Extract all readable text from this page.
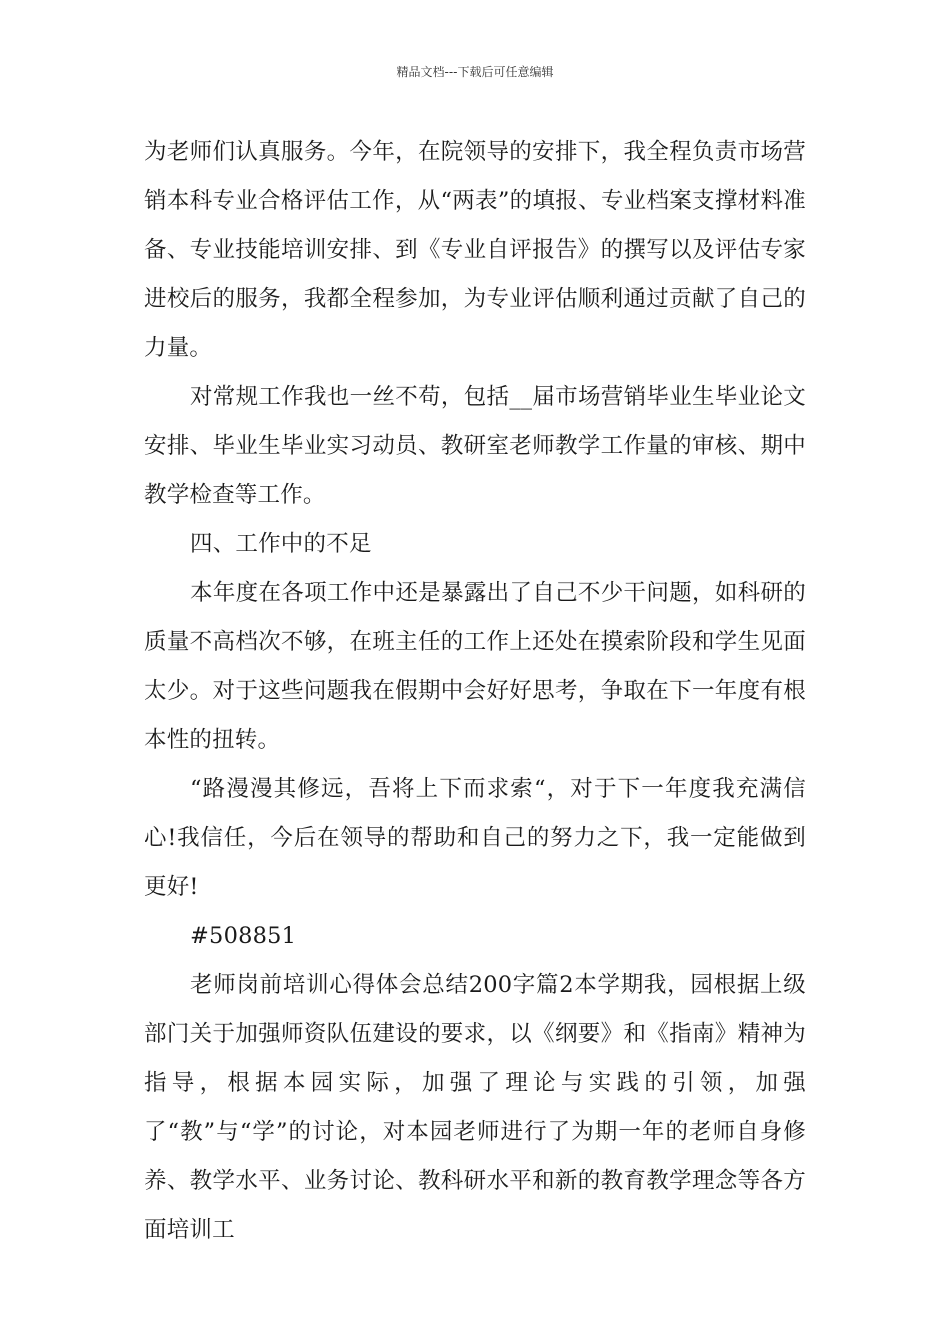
精品文档---下载后可任意编辑

为老师们认真服务。今年，在院领导的安排下，我全程负责市场营销本科专业合格评估工作，从“两表”的填报、专业档案支撑材料准备、专业技能培训安排、到《专业自评报告》的撰写以及评估专家进校后的服务，我都全程参加，为专业评估顺利通过贡献了自己的力量。

对常规工作我也一丝不苟，包括__届市场营销毕业生毕业论文安排、毕业生毕业实习动员、教研室老师教学工作量的审核、期中教学检查等工作。

四、工作中的不足

本年度在各项工作中还是暴露出了自己不少干问题，如科研的质量不高档次不够，在班主任的工作上还处在摸索阶段和学生见面太少。对于这些问题我在假期中会好好思考，争取在下一年度有根本性的扭转。

“路漫漫其修远，吾将上下而求索“，对于下一年度我充满信心!我信任，今后在领导的帮助和自己的努力之下，我一定能做到更好!

#508851

老师岗前培训心得体会总结200字篇2本学期我，园根据上级部门关于加强师资队伍建设的要求，以《纲要》和《指南》精神为指导，根据本园实际，加强了理论与实践的引领，加强了“教”与“学”的讨论，对本园老师进行了为期一年的老师自身修养、教学水平、业务讨论、教科研水平和新的教育教学理念等各方面培训工
